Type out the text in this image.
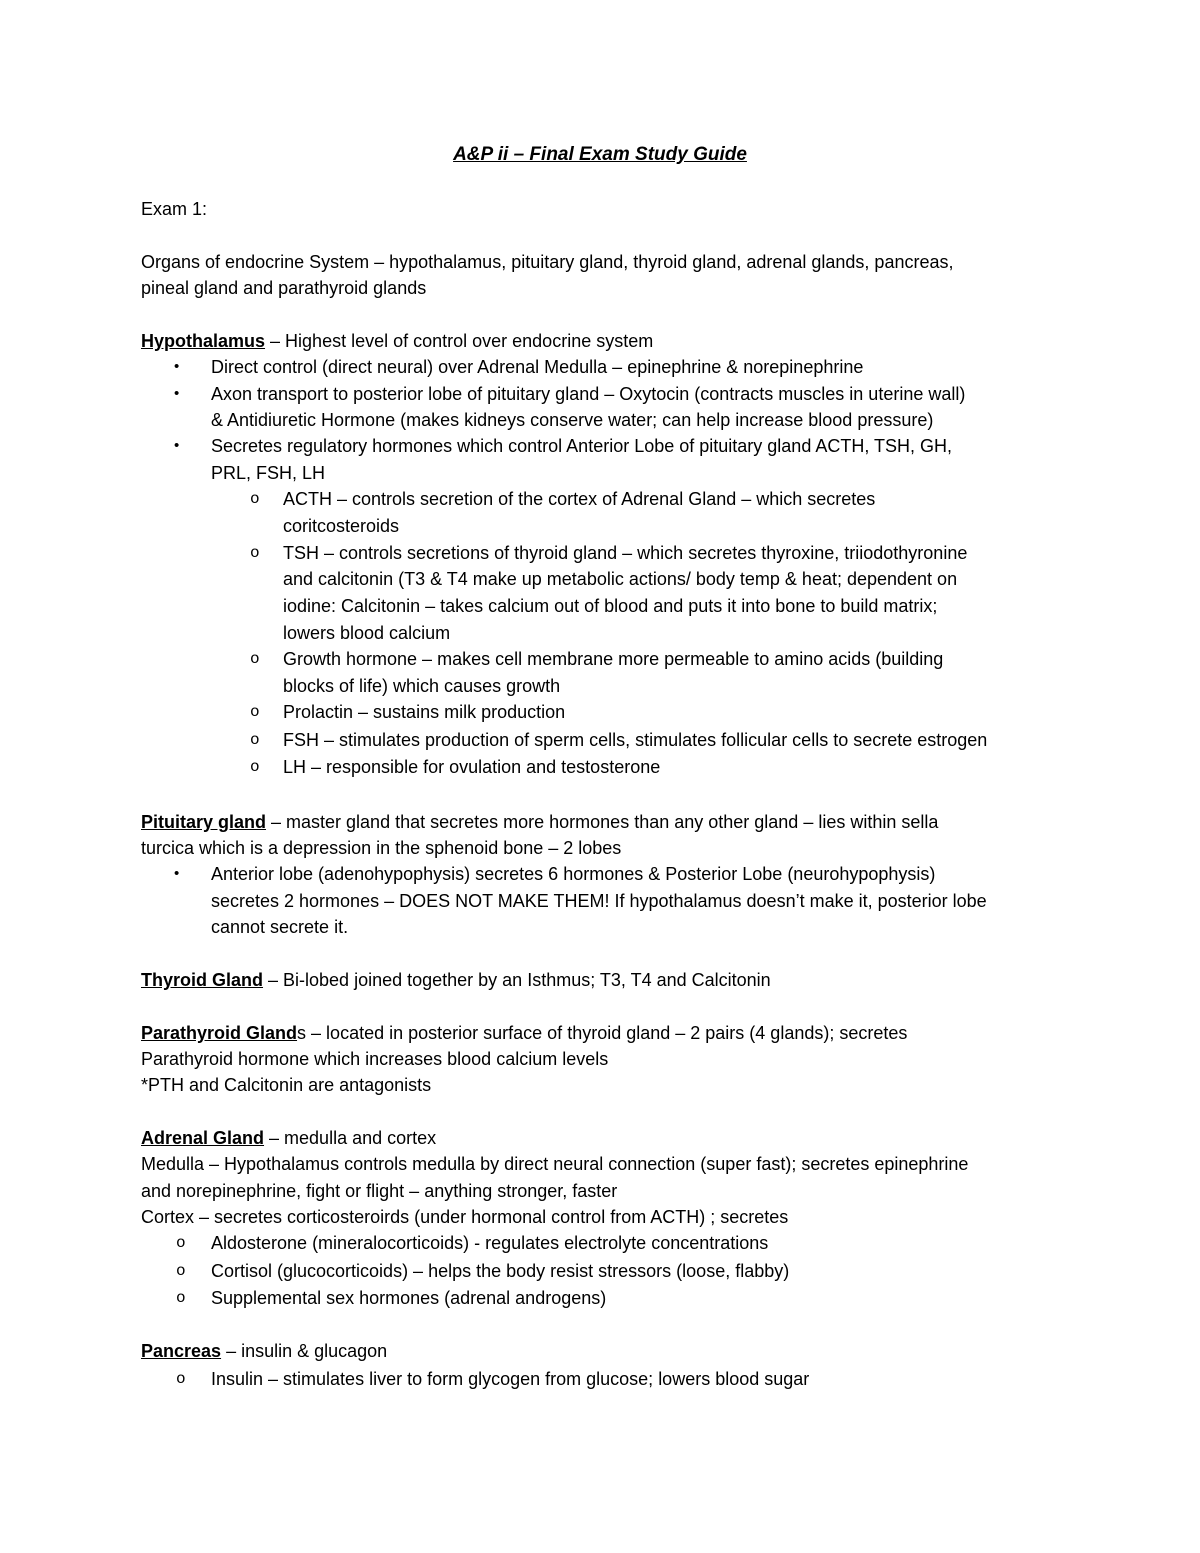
A&P ii – Final Exam Study Guide
Exam 1:
Organs of endocrine System – hypothalamus, pituitary gland, thyroid gland, adrenal glands, pancreas,
pineal gland and parathyroid glands
Hypothalamus – Highest level of control over endocrine system
• Direct control (direct neural) over Adrenal Medulla – epinephrine & norepinephrine
• Axon transport to posterior lobe of pituitary gland – Oxytocin (contracts muscles in uterine wall)
& Antidiuretic Hormone (makes kidneys conserve water; can help increase blood pressure)
• Secretes regulatory hormones which control Anterior Lobe of pituitary gland ACTH, TSH, GH,
PRL, FSH, LH
o ACTH – controls secretion of the cortex of Adrenal Gland – which secretes
coritcosteroids
o TSH – controls secretions of thyroid gland – which secretes thyroxine, triiodothyronine
and calcitonin (T3 & T4 make up metabolic actions/ body temp & heat; dependent on
iodine: Calcitonin – takes calcium out of blood and puts it into bone to build matrix;
lowers blood calcium
o Growth hormone – makes cell membrane more permeable to amino acids (building
blocks of life) which causes growth
o Prolactin – sustains milk production
o FSH – stimulates production of sperm cells, stimulates follicular cells to secrete estrogen
o LH – responsible for ovulation and testosterone
Pituitary gland – master gland that secretes more hormones than any other gland – lies within sella
turcica which is a depression in the sphenoid bone – 2 lobes
• Anterior lobe (adenohypophysis) secretes 6 hormones & Posterior Lobe (neurohypophysis)
secretes 2 hormones – DOES NOT MAKE THEM! If hypothalamus doesn’t make it, posterior lobe
cannot secrete it.
Thyroid Gland – Bi-lobed joined together by an Isthmus; T3, T4 and Calcitonin
Parathyroid Glands – located in posterior surface of thyroid gland – 2 pairs (4 glands); secretes
Parathyroid hormone which increases blood calcium levels
*PTH and Calcitonin are antagonists
Adrenal Gland – medulla and cortex
Medulla – Hypothalamus controls medulla by direct neural connection (super fast); secretes epinephrine
and norepinephrine, fight or flight – anything stronger, faster
Cortex – secretes corticosteroirds (under hormonal control from ACTH) ; secretes
o Aldosterone (mineralocorticoids) - regulates electrolyte concentrations
o Cortisol (glucocorticoids) – helps the body resist stressors (loose, flabby)
o Supplemental sex hormones (adrenal androgens)
Pancreas – insulin & glucagon
o Insulin – stimulates liver to form glycogen from glucose; lowers blood sugar
